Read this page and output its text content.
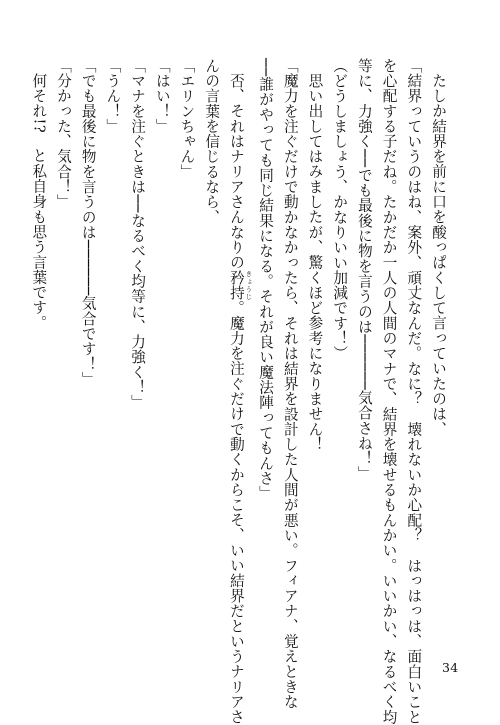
たしか結界を前に口を酸っぱくして言っていたのは、

「結界っていうのはね、案外、頑丈なんだ。なに？　壊れないか心配？　はっはっは、面白いこと

を心配する子だね。たかだか一人の人間のマナで、結界を壊せるもんかい。いいかい、なるべく均

等に、力強く──でも最後に物を言うのは──────気合さね！」

（どうしましょう、かなりいい加減です！）

思い出してはみましたが、驚くほど参考になりません！

「魔力を注ぐだけで動かなかったら、それは結界を設計した人間が悪い。フィアナ、覚えときな

──誰がやっても同じ結果になる。それが良い魔法陣ってもんさ」

否、それはナリアさんなりの矜持 きょうじ。魔力を注ぐだけで動くからこそ、いい結界だというナリアさ

んの言葉を信じるなら、

「エリンちゃん」

「はい！」

「マナを注ぐときは──なるべく均等に、力強く！」

「うん！」

「でも最後に物を言うのは──────気合です！」

「分かった、気合！」

何それ!?　と私自身も思う言葉です。

34
